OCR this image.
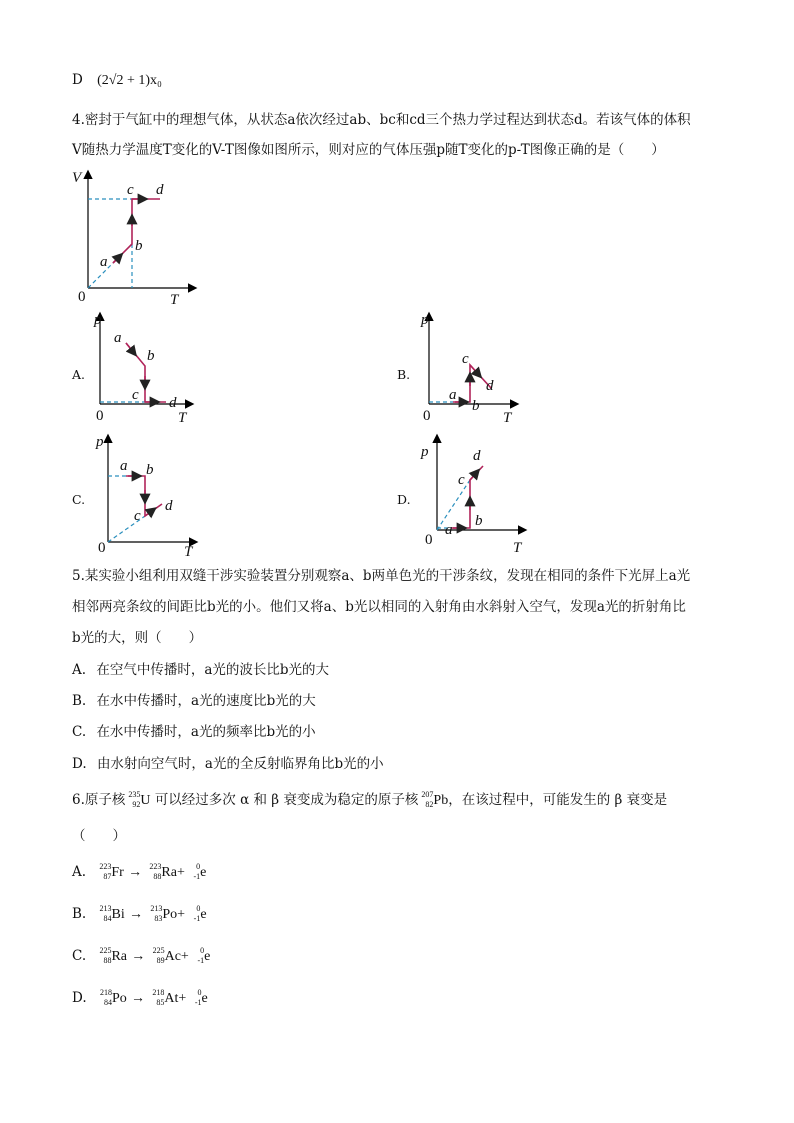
D (2√2 + 1)x₀
4.密封于气缸中的理想气体，从状态a依次经过ab、bc和cd三个热力学过程达到状态d。若该气体的体积
V随热力学温度T变化的V-T图像如图所示，则对应的气体压强p随T变化的p-T图像正确的是（　　）
V
T
0
a
b
c d
A.
p
T
0
a
b
c d
B.
p
T
0
a
b
c
d
C.
p
T
0
a b
c
d	D.
p
T
0
a
b
c
d
5.某实验小组利用双缝干涉实验装置分别观察a、b两单色光的干涉条纹，发现在相同的条件下光屏上a光
相邻两亮条纹的间距比b光的小。他们又将a、b光以相同的入射角由水斜射入空气，发现a光的折射角比
b光的大，则（　　）
A. 在空气中传播时，a光的波长比b光的大
B. 在水中传播时，a光的速度比b光的大
C. 在水中传播时，a光的频率比b光的小
D. 由水射向空气时，a光的全反射临界角比b光的小
6.原子核 235
92 U 可以经过多次 α 和 β 衰变成为稳定的原子核 207
82 Pb，在该过程中，可能发生的 β 衰变是
（　　）
A. 223
87 Fr → 223
88 Ra+ 0
-1 e
B. 213
84 Bi → 213
83 Po+ 0
-1 e
C. 225
88 Ra → 225
89 Ac+ 0
-1 e
D. 218
84 Po → 218
85 At+ 0
-1 e
